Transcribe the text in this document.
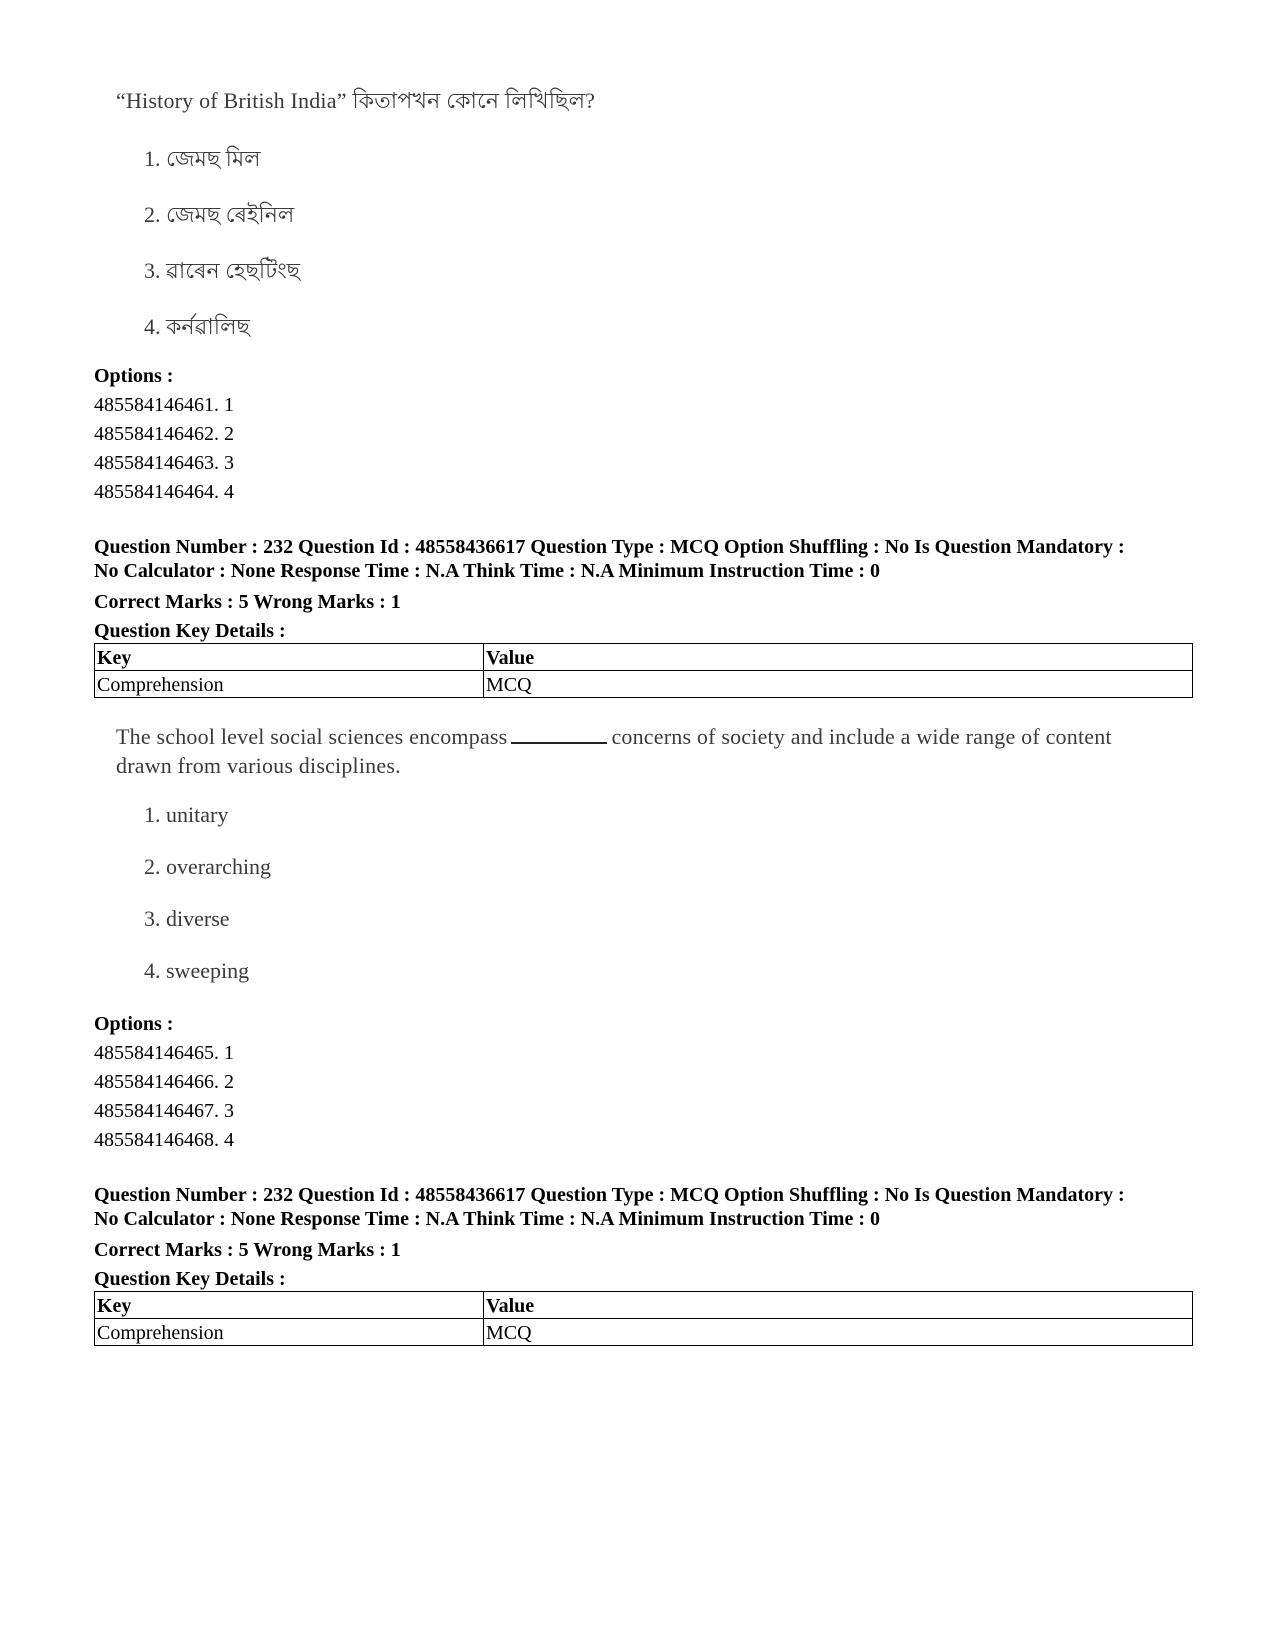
“History of British India” কিতাপখন কোনে লিখিছিল?
1. জেমছ মিল
2. জেমছ ৰেইনিল
3. ৱাৰেন হেছটিংছ
4. কৰ্নৱালিছ
Options :
485584146461. 1
485584146462. 2
485584146463. 3
485584146464. 4
Question Number : 232 Question Id : 48558436617 Question Type : MCQ Option Shuffling : No Is Question Mandatory :
No Calculator : None Response Time : N.A Think Time : N.A Minimum Instruction Time : 0
Correct Marks : 5 Wrong Marks : 1
Question Key Details :
Key	Value
Comprehension	MCQ
The school level social sciences encompass	concerns of society and include a wide range of content
drawn from various disciplines.
1. unitary
2. overarching
3. diverse
4. sweeping
Options :
485584146465. 1
485584146466. 2
485584146467. 3
485584146468. 4
Question Number : 232 Question Id : 48558436617 Question Type : MCQ Option Shuffling : No Is Question Mandatory :
No Calculator : None Response Time : N.A Think Time : N.A Minimum Instruction Time : 0
Correct Marks : 5 Wrong Marks : 1
Question Key Details :
Key	Value
Comprehension	MCQ
